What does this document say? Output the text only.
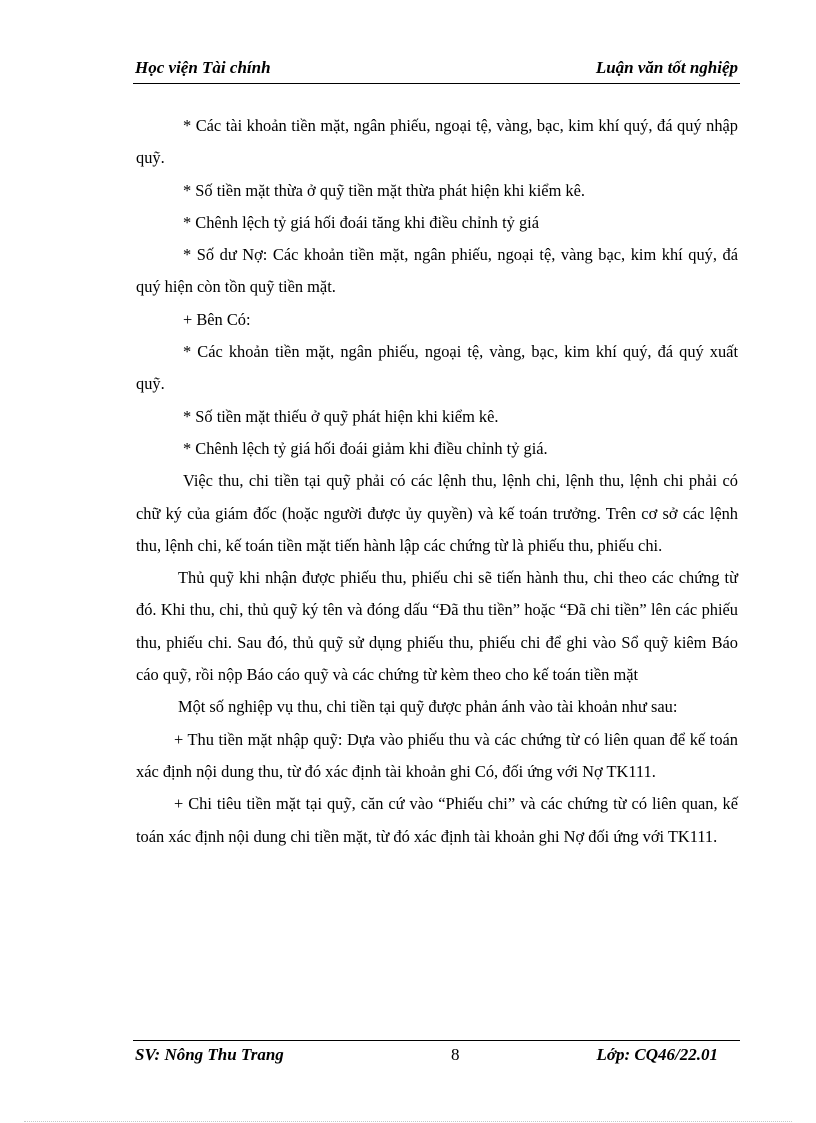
Học viện Tài chính	Luận văn tốt nghiệp

* Các tài khoản tiền mặt, ngân phiếu, ngoại tệ, vàng, bạc, kim khí quý, đá quý nhập quỹ.

* Số tiền mặt thừa ở quỹ tiền mặt thừa phát hiện khi kiểm kê.

* Chênh lệch tỷ giá hối đoái tăng khi điều chỉnh tỷ giá

* Số dư Nợ: Các khoản tiền mặt, ngân phiếu, ngoại tệ, vàng bạc, kim khí quý, đá quý hiện còn tồn quỹ tiền mặt.

+ Bên Có:

* Các khoản tiền mặt, ngân phiếu, ngoại tệ, vàng, bạc, kim khí quý, đá quý xuất quỹ.

* Số tiền mặt thiếu ở quỹ phát hiện khi kiểm kê.

* Chênh lệch tỷ giá hối đoái giảm khi điều chỉnh tỷ giá.

Việc thu, chi tiền tại quỹ phải có các lệnh thu, lệnh chi, lệnh thu, lệnh chi phải có chữ ký của giám đốc (hoặc người được ủy quyền) và kế toán trưởng. Trên cơ sở các lệnh thu, lệnh chi, kế toán tiền mặt tiến hành lập các chứng từ là phiếu thu, phiếu chi.

Thủ quỹ khi nhận được phiếu thu, phiếu chi sẽ tiến hành thu, chi theo các chứng từ đó. Khi thu, chi, thủ quỹ ký tên và đóng dấu “Đã thu tiền” hoặc “Đã chi tiền” lên các phiếu thu, phiếu chi. Sau đó, thủ quỹ sử dụng phiếu thu, phiếu chi để ghi vào Sổ quỹ kiêm Báo cáo quỹ, rồi nộp Báo cáo quỹ và các chứng từ kèm theo cho kế toán tiền mặt

Một số nghiệp vụ thu, chi tiền tại quỹ được phản ánh vào tài khoản như sau:

+ Thu tiền mặt nhập quỹ: Dựa vào phiếu thu và các chứng từ có liên quan để kế toán xác định nội dung thu, từ đó xác định tài khoản ghi Có, đối ứng với Nợ TK111.

+ Chi tiêu tiền mặt tại quỹ, căn cứ vào “Phiếu chi” và các chứng từ có liên quan, kế toán xác định nội dung chi tiền mặt, từ đó xác định tài khoản ghi Nợ đối ứng với TK111.

SV: Nông Thu Trang	8	Lớp: CQ46/22.01
